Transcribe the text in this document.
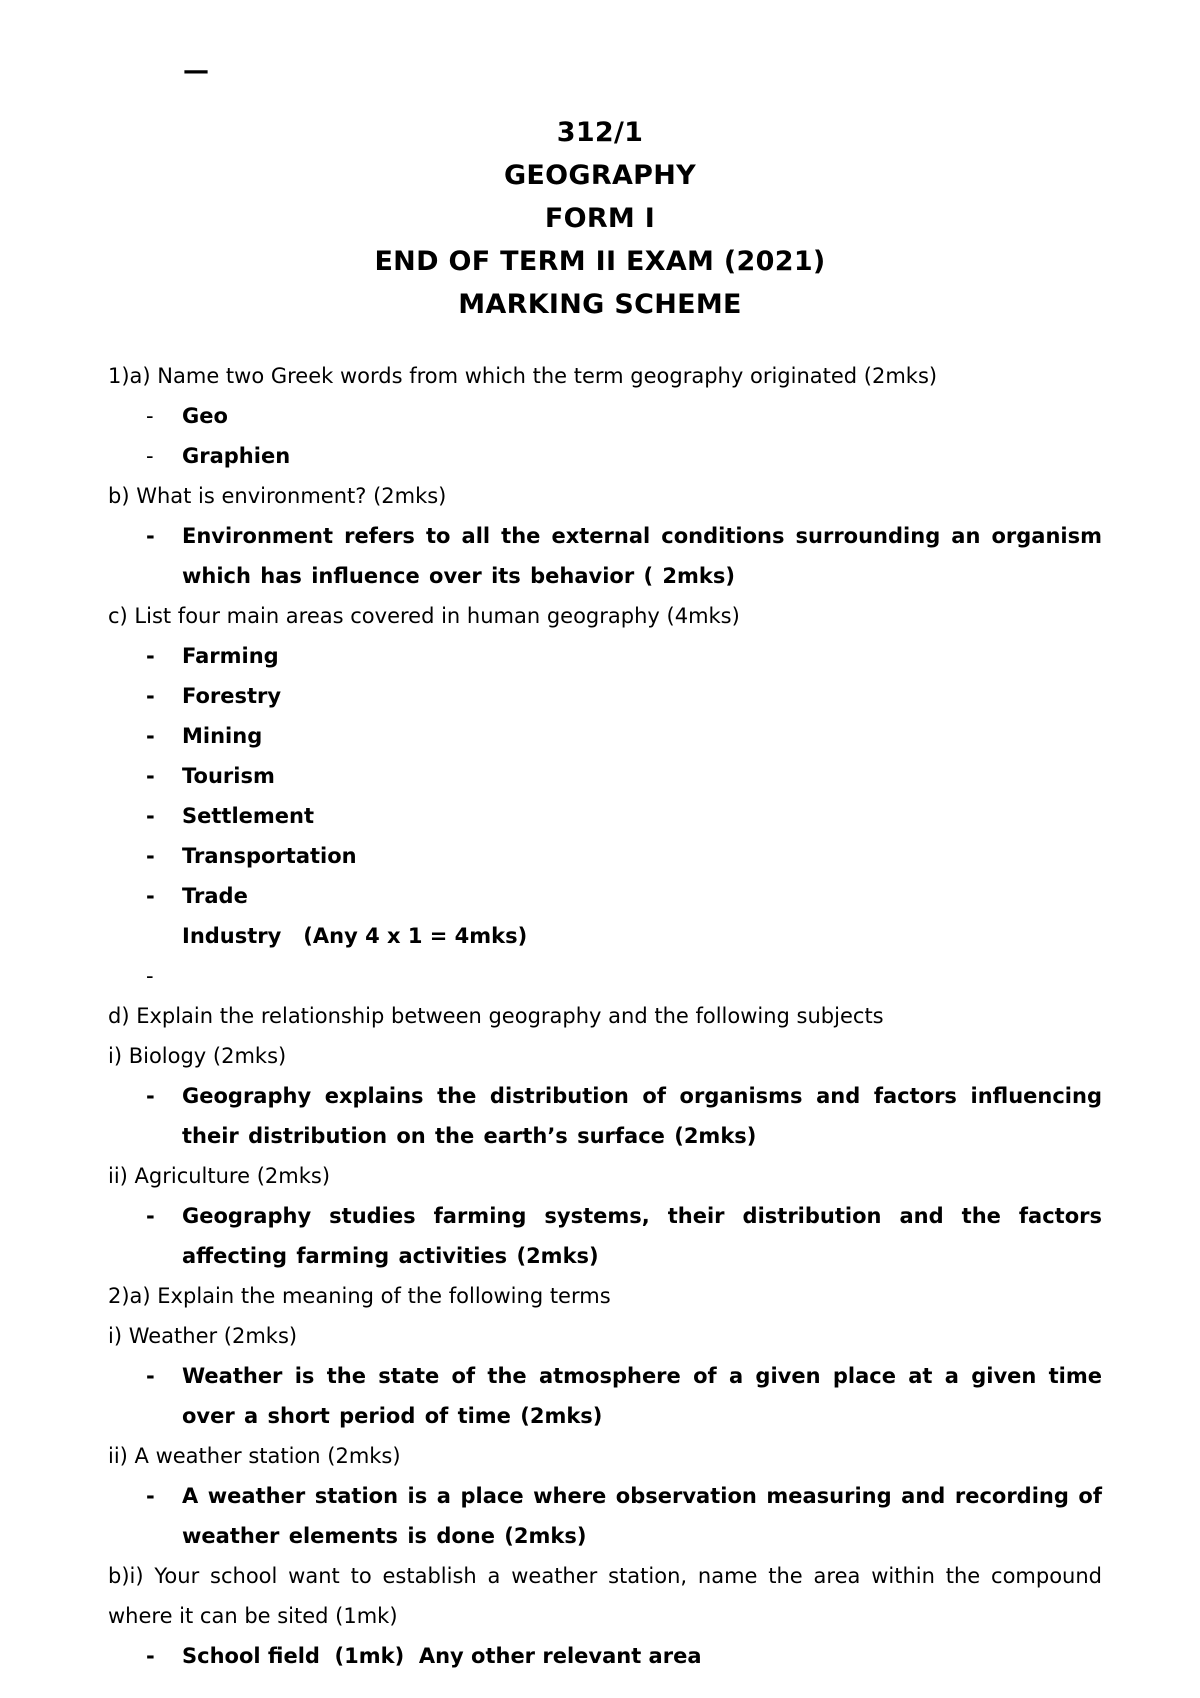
—
312/1
GEOGRAPHY
FORM I
END OF TERM II EXAM (2021)
MARKING SCHEME
1)a) Name two Greek words from which the term geography originated (2mks)
- Geo
- Graphien
b) What is environment? (2mks)
- Environment refers to all the external conditions surrounding an organism which has influence over its behavior ( 2mks)
c) List four main areas covered in human geography (4mks)
- Farming
- Forestry
- Mining
- Tourism
- Settlement
- Transportation
- Trade
Industry   (Any 4 x 1 = 4mks)
-
d) Explain the relationship between geography and the following subjects
i) Biology (2mks)
- Geography explains the distribution of organisms and factors influencing their distribution on the earth’s surface (2mks)
ii) Agriculture (2mks)
- Geography studies farming systems, their distribution and the factors affecting farming activities (2mks)
2)a) Explain the meaning of the following terms
i) Weather (2mks)
- Weather is the state of the atmosphere of a given place at a given time over a short period of time (2mks)
ii) A weather station (2mks)
- A weather station is a place where observation measuring and recording of weather elements is done (2mks)
b)i) Your school want to establish a weather station, name the area within the compound where it can be sited (1mk)
- School field  (1mk)  Any other relevant area
